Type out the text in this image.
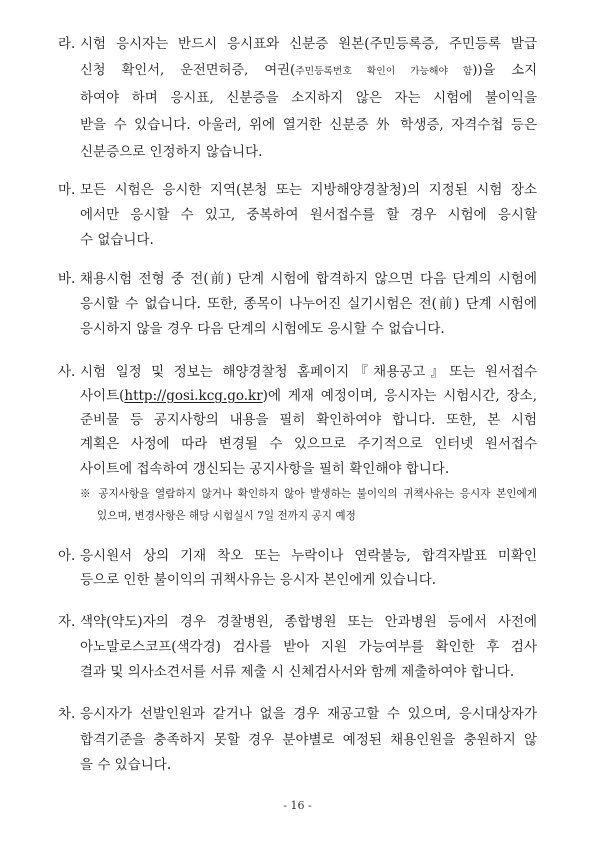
라. 시험 응시자는 반드시 응시표와 신분증 원본(주민등록증, 주민등록 발급
신청 확인서, 운전면허증, 여권(주민등록번호 확인이 가능해야 함))을 소지
하여야 하며 응시표, 신분증을 소지하지 않은 자는 시험에 불이익을
받을 수 있습니다. 아울러, 위에 열거한 신분증 外 학생증, 자격수첩 등은
신분증으로 인정하지 않습니다.
마. 모든 시험은 응시한 지역(본청 또는 지방해양경찰청)의 지정된 시험 장소
에서만 응시할 수 있고, 중복하여 원서접수를 할 경우 시험에 응시할
수 없습니다.
바. 채용시험 전형 중 전(前) 단계 시험에 합격하지 않으면 다음 단계의 시험에
응시할 수 없습니다. 또한, 종목이 나누어진 실기시험은 전(前) 단계 시험에
응시하지 않을 경우 다음 단계의 시험에도 응시할 수 없습니다.
사. 시험 일정 및 정보는 해양경찰청 홈페이지『채용공고』또는 원서접수
사이트(http://gosi.kcg.go.kr)에 게재 예정이며, 응시자는 시험시간, 장소,
준비물 등 공지사항의 내용을 필히 확인하여야 합니다. 또한, 본 시험
계획은 사정에 따라 변경될 수 있으므로 주기적으로 인터넷 원서접수
사이트에 접속하여 갱신되는 공지사항을 필히 확인해야 합니다.
※ 공지사항을 열람하지 않거나 확인하지 않아 발생하는 불이익의 귀책사유는 응시자 본인에게
있으며, 변경사항은 해당 시험실시 7일 전까지 공지 예정
아. 응시원서 상의 기재 착오 또는 누락이나 연락불능, 합격자발표 미확인
등으로 인한 불이익의 귀책사유는 응시자 본인에게 있습니다.
자. 색약(약도)자의 경우 경찰병원, 종합병원 또는 안과병원 등에서 사전에
아노말로스코프(색각경) 검사를 받아 지원 가능여부를 확인한 후 검사
결과 및 의사소견서를 서류 제출 시 신체검사서와 함께 제출하여야 합니다.
차. 응시자가 선발인원과 같거나 없을 경우 재공고할 수 있으며, 응시대상자가
합격기준을 충족하지 못할 경우 분야별로 예정된 채용인원을 충원하지 않
을 수 있습니다.
- 16 -
